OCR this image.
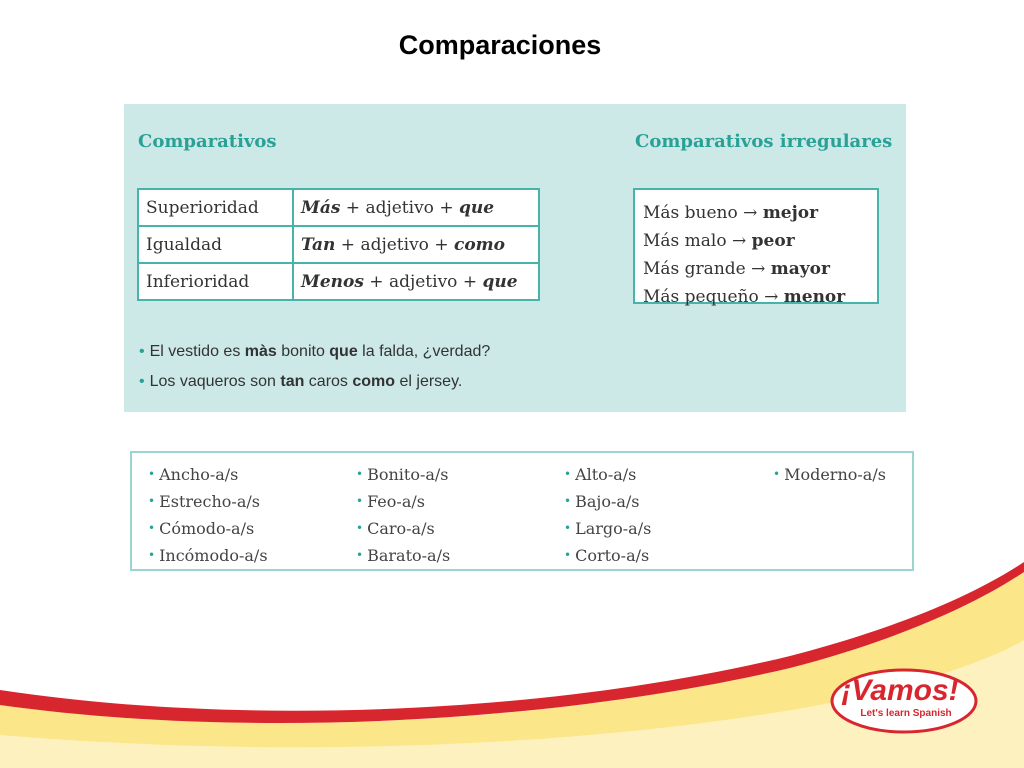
Comparaciones
Comparativos	Comparativos irregulares
Superioridad	Más + adjetivo + que
Igualdad	Tan + adjetivo + como
Inferioridad	Menos + adjetivo + que
Más bueno → mejor
Más malo → peor
Más grande → mayor
Más pequeño → menor
• El vestido es màs bonito que la falda, ¿verdad?
• Los vaqueros son tan caros como el jersey.
• Ancho-a/s
• Estrecho-a/s
• Cómodo-a/s
• Incómodo-a/s
• Bonito-a/s
• Feo-a/s
• Caro-a/s
• Barato-a/s
• Alto-a/s
• Bajo-a/s
• Largo-a/s
• Corto-a/s
• Moderno-a/s
¡Vamos!
Let's learn Spanish
